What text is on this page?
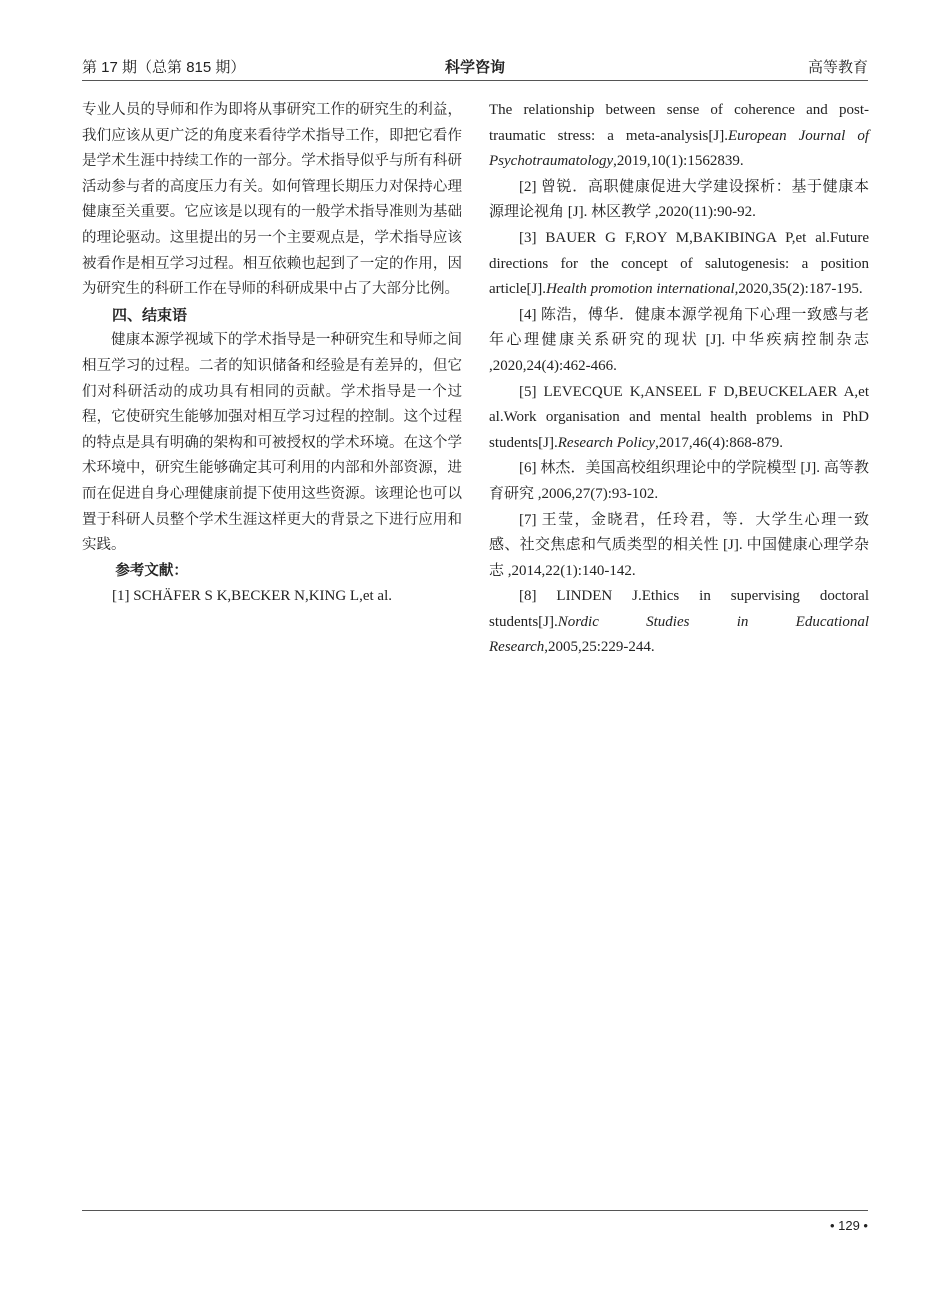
第 17 期（总第 815 期）	科学咨询	高等教育

专业人员的导师和作为即将从事研究工作的研究生的利益，我们应该从更广泛的角度来看待学术指导工作，即把它看作是学术生涯中持续工作的一部分。学术指导似乎与所有科研活动参与者的高度压力有关。如何管理长期压力对保持心理健康至关重要。它应该是以现有的一般学术指导准则为基础的理论驱动。这里提出的另一个主要观点是，学术指导应该被看作是相互学习过程。相互依赖也起到了一定的作用，因为研究生的科研工作在导师的科研成果中占了大部分比例。

四、结束语

健康本源学视域下的学术指导是一种研究生和导师之间相互学习的过程。二者的知识储备和经验是有差异的，但它们对科研活动的成功具有相同的贡献。学术指导是一个过程，它使研究生能够加强对相互学习过程的控制。这个过程的特点是具有明确的架构和可被授权的学术环境。在这个学术环境中，研究生能够确定其可利用的内部和外部资源，进而在促进自身心理健康前提下使用这些资源。该理论也可以置于科研人员整个学术生涯这样更大的背景之下进行应用和实践。

参考文献：

[1] SCHÄFER S K,BECKER N,KING L,et al.

The relationship between sense of coherence and post-traumatic stress: a meta-analysis[J].European Journal of Psychotraumatology,2019,10(1):1562839.

[2] 曾锐．高职健康促进大学建设探析：基于健康本源理论视角 [J]. 林区教学 ,2020(11):90-92.

[3] BAUER G F,ROY M,BAKIBINGA P,et al.Future directions for the concept of salutogenesis: a position article[J].Health promotion international,2020,35(2):187-195.

[4] 陈浩，傅华．健康本源学视角下心理一致感与老年心理健康关系研究的现状 [J]. 中华疾病控制杂志 ,2020,24(4):462-466.

[5] LEVECQUE K,ANSEEL F D,BEUCKELAER A,et al.Work organisation and mental health problems in PhD students[J].Research Policy,2017,46(4):868-879.

[6] 林杰．美国高校组织理论中的学院模型 [J]. 高等教育研究 ,2006,27(7):93-102.

[7] 王莹，金晓君，任玲君，等．大学生心理一致感、社交焦虑和气质类型的相关性 [J]. 中国健康心理学杂志 ,2014,22(1):140-142.

[8] LINDEN J.Ethics in supervising doctoral students[J].Nordic Studies in Educational Research,2005,25:229-244.

• 129 •
